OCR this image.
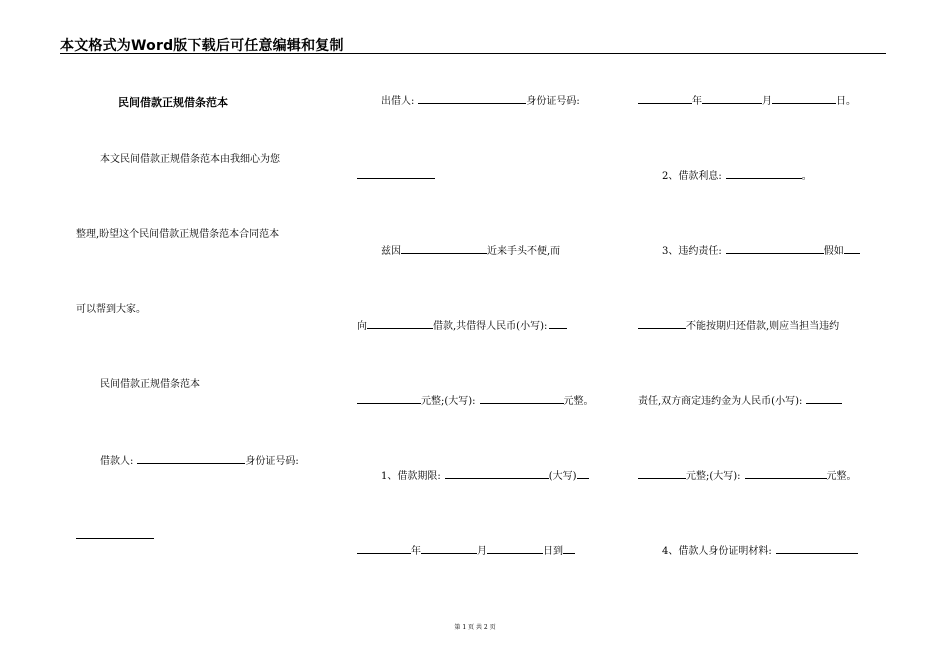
本文格式为Word版下载后可任意编辑和复制
民间借款正规借条范本
本文民间借款正规借条范本由我细心为您
整理,盼望这个民间借款正规借条范本合同范本
可以帮到大家。
民间借款正规借条范本
借款人:	身份证号码:
出借人:	身份证号码:
兹因	近来手头不便,而
向	借款,共借得人民币(小写):
元整;(大写):	元整。
1、借款期限:	(大写)
年	月	日到
年	月	日。
2、借款利息:	。
3、违约责任:	假如
不能按期归还借款,则应当担当违约
责任,双方商定违约金为人民币(小写):
元整;(大写):	元整。
4、借款人身份证明材料:
第 1 页 共 2 页
